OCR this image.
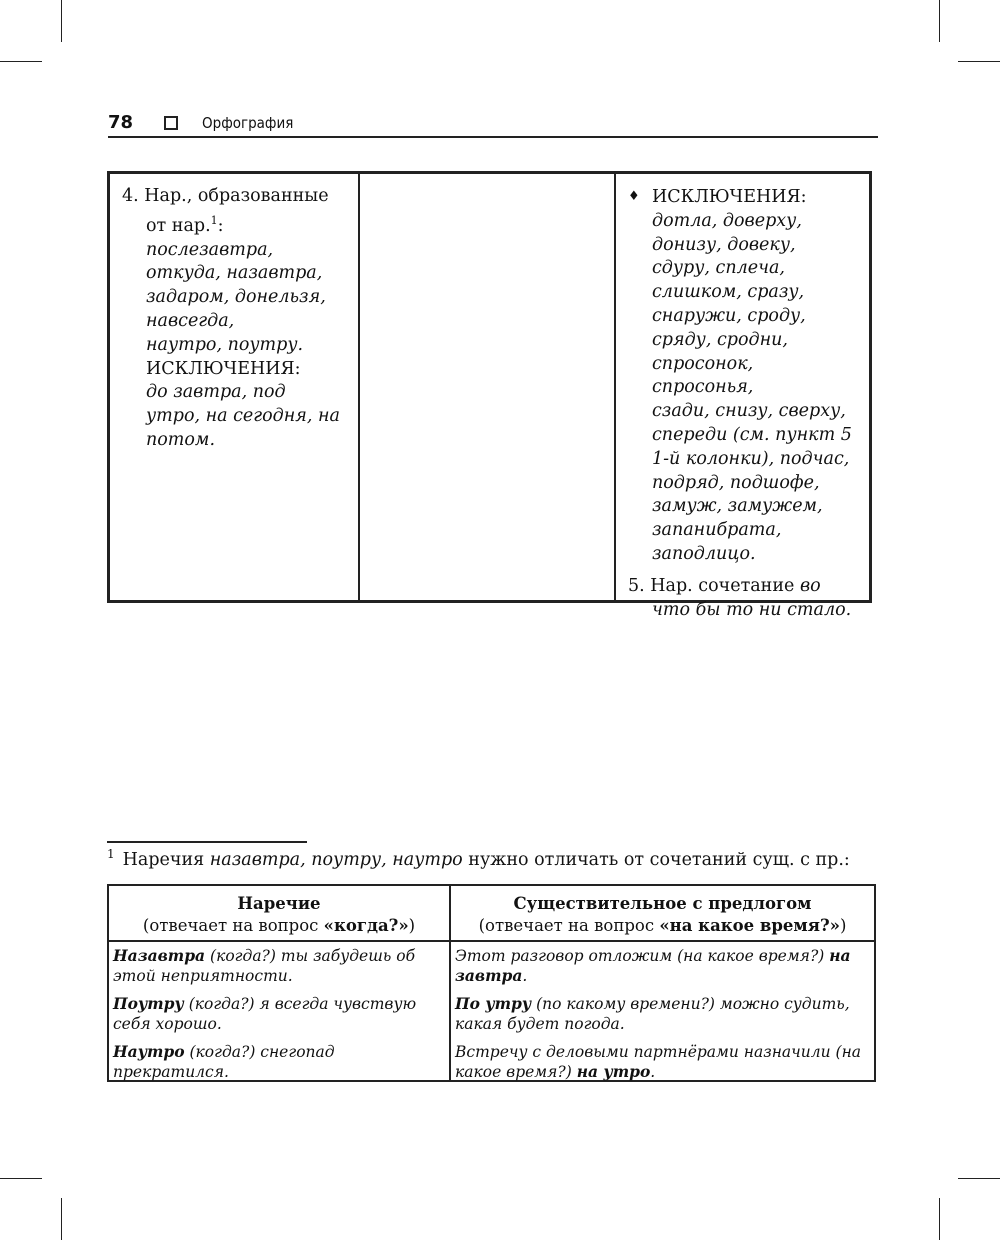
78	Орфография
4. Нар., образованные
от нар.$^1$:
послезавтра,
откуда, назавтра,
задаром, донельзя,
навсегда,
наутро, поутру.
ИСКЛЮЧЕНИЯ:
до завтра, под
утро, на сегодня, на
потом.
♦ ИСКЛЮЧЕНИЯ:
дотла, доверху,
донизу, довеку,
сдуру, сплеча,
слишком, сразу,
снаружи, сроду,
сряду, сродни,
спросонок, спросонья,
сзади, снизу, сверху,
спереди (см. пункт 5
1-й колонки), подчас,
подряд, подшофе,
замуж, замужем,
запанибрата,
заподлицо.
5. Нар. сочетание во
что бы то ни стало.
$^1$ Наречия назавтра, поутру, наутро нужно отличать от сочетаний сущ. с пр.:
Наречие
(отвечает на вопрос «когда?»)
Существительное с предлогом
(отвечает на вопрос «на какое время?»)
Назавтра (когда?) ты забудешь об этой неприятности.
Этот разговор отложим (на какое время?) на завтра.
Поутру (когда?) я всегда чувствую себя хорошо.
По утру (по какому времени?) можно судить, какая будет погода.
Наутро (когда?) снегопад прекратился.
Встречу с деловыми партнёрами назначили (на какое время?) на утро.
